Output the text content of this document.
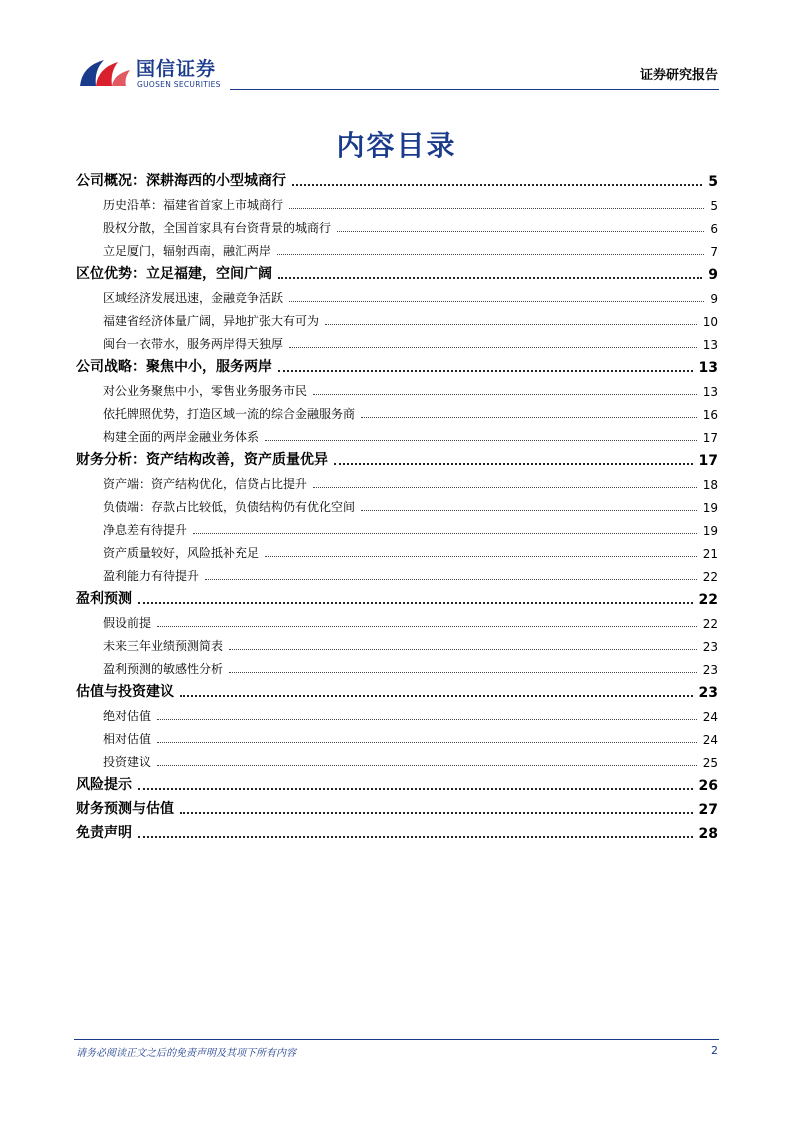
国信证券
GUOSEN SECURITIES
证券研究报告
内容目录
公司概况：深耕海西的小型城商行	5
历史沿革：福建省首家上市城商行	5
股权分散，全国首家具有台资背景的城商行	6
立足厦门，辐射西南，融汇两岸	7
区位优势：立足福建，空间广阔	9
区域经济发展迅速，金融竞争活跃	9
福建省经济体量广阔，异地扩张大有可为	10
闽台一衣带水，服务两岸得天独厚	13
公司战略：聚焦中小，服务两岸	13
对公业务聚焦中小，零售业务服务市民	13
依托牌照优势，打造区域一流的综合金融服务商	16
构建全面的两岸金融业务体系	17
财务分析：资产结构改善，资产质量优异	17
资产端：资产结构优化，信贷占比提升	18
负债端：存款占比较低，负债结构仍有优化空间	19
净息差有待提升	19
资产质量较好，风险抵补充足	21
盈利能力有待提升	22
盈利预测	22
假设前提	22
未来三年业绩预测简表	23
盈利预测的敏感性分析	23
估值与投资建议	23
绝对估值	24
相对估值	24
投资建议	25
风险提示	26
财务预测与估值	27
免责声明	28
请务必阅读正文之后的免责声明及其项下所有内容	2
